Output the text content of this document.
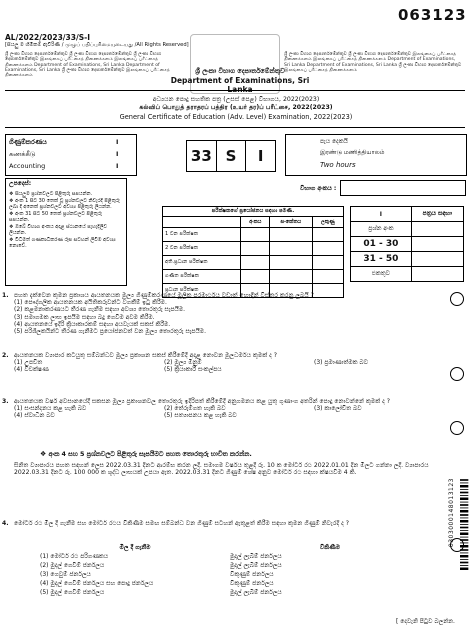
063123
AL/2022/2023/33/S-I
[සියලු ම හිමිකම් ඇවිරිණි / முழுப் பதிப்புரிமையுடையது /All Rights Reserved]
ශ්‍රී ලංකා විභාග දෙපාර්තමේන්තුව ශ්‍රී ලංකා විභාග දෙපාර්තමේන්තුව ශ්‍රී ලංකා විභාග දෙපාර්තමේන්තුව இலங்கைப் பரீட்சைத் திணைக்களம் இலங்கைப் பரீட்சைத் திணைக்களம் Department of Examinations, Sri Lanka Department of Examinations, Sri Lanka ශ්‍රී ලංකා විභාග දෙපාර්තමේන්තුව இலங்கைப் பரீட்சைத் திணைக்களம்
ශ්‍රී ලංකා විභාග දෙපාර්තමේන්තුව ශ්‍රී ලංකා විභාග දෙපාර්තමේන්තුව இலங்கைப் பரீட்சைத் திணைக்களம் இலங்கைப் பரீட்சைத் திணைக்களம் Department of Examinations, Sri Lanka Department of Examinations, Sri Lanka ශ්‍රී ලංකා විභාග දෙපාර්තමේන්තුව இலங்கைப் பரீட்சைத் திணைக்களம்
ශ්‍රී ලංකා විභාග දෙපාර්තමේන්තුව
Department of Examinations, Sri Lanka
අධ්‍යයන පොදු සහතික පත්‍ර (උසස් පෙළ) විභාගය, 2022(2023)
கல்விப் பொதுத் தராதரப் பத்திர (உயர் தர)ப் பரீட்சை, 2022(2023)
General Certificate of Education (Adv. Level) Examination, 2022(2023)
ගිණුම්කරණය
கணக்கீடு
Accounting
I
I
I
33 S	I
පැය දෙකයි
இரண்டு மணித்தியாலம்
Two hours
උපදෙස්:

❖ සියලුම ප්‍රශ්නවලට පිළිතුරු සපයන්න.

❖ අංක 1 සිට 30 තෙක් වූ ප්‍රශ්නවලට නිවැරදි පිළිතුරු ලබා දී අනෙක් ප්‍රශ්නවලට අවශ්‍ය පිළිතුරු ලියන්න.

❖ අංක 31 සිට 50 තෙක් ප්‍රශ්නවලට පිළිතුරු සපයන්න.

❖ ඔබේ විභාග අංකය අදාළ ස්ථානයේ පැහැදිලිව ලියන්න.

❖ විධිමත් ගණකාධිකරණ රූප සටහන් ලිවීම අවශ්‍ය නොවේ.

විභාග අංකය :
පරීක්ෂකගේ ප්‍රයෝජනය සඳහා පමණි.			
	අංකය	සංකේතය	ලකුණු
1 වන පරීක්ෂක			
2 වන පරීක්ෂක			
අති.ප්‍රධාන පරීක්ෂක			
ගණිත පරීක්ෂක			
ප්‍රධාන පරීක්ෂක			
I	පත්‍රය සඳහා
ප්‍රශ්න අංක	
01 - 30	
31 - 50	
එකතුව	
1. පහත දැක්වෙන කුමන ප්‍රකාශය ආයතනයක මූල්‍ය ගිණුම්කරණයේ මූලික පරමාර්ථය වඩාත් හොඳින් විස්තර කරනු ලබයි ?
(1) පෞද්ගලික ආයතනයක අයිතිකරුවන්ට වගකීම් ඉටු කිරීම.
(2) කළමනාකරණයට තීරණ ගැනීම සඳහා අවශ්‍ය තොරතුරු සැපයීම.
(3) සමාගමක ලාභ ඉපයීම සඳහා බදු ගෙවීම අවම කිරීම.
(4) ආයතනයේ ඉදිරි ක්‍රියාකාරකම් සඳහා අයවැයක් සකස් කිරීම.
(5) පරිශීලකයින්ට තීරණ ගැනීමට ප්‍රයෝජනවත් වන මූල්‍ය තොරතුරු සැපයීම.
2. ආයතනයක ව්‍යාපාර කටයුතු සම්බන්ධව මූල්‍ය ප්‍රකාශන සකස් කිරීමේදී අදාළ නොවන මූලධර්මය කුමක් ද ?
(1) උපචිත	(2) මූල්‍ය මිනුම්	(3) ප්‍රමාණාත්මක බව
(4) විචක්ෂණ	(5) ක්‍රියාකාරී සංකල්පය
3. ආයතනයක වර්ෂ අවසානයේදී සකසන මූල්‍ය ප්‍රකාශනවල තොරතුරු ඉදිරිපත් කිරීමේදී අනුගමනය කළ යුතු ගුණාංග අතරින් පොදු නොවන්නේ කුමක් ද ?
(1) සංසන්දනය කළ හැකි බව	(2) තේරුම්ගත හැකි බව	(3) කාලෝචිත බව
(4) ස්වාධීන බව	(5) සත්‍යාපනය කළ හැකි බව
❖ අංක 4 සහ 5 ප්‍රශ්නවලට පිළිතුරු සැපයීමට පහත තොරතුරු භාවිත කරන්න.
සිනිත ව්‍යාපාරය පහත සඳහන් ලෙස 2022.03.31 දිනට ආරම්භ කරන ලදී. සමාගම වර්ෂය තුළදී රු. 10 ක මෝටර් රථ 2022.01.01 දින මිලට ගන්නා ලදී. ව්‍යාපාරය 2022.03.31 දිනට රු. 100 000 ක ශුද්ධ ලාභයක් උපයා ඇත. 2022.03.31 දිනට ගිණුම් ශේෂ අනුව මෝටර් රථ සඳහා ක්ෂයවීම 4 කි.
4. මෝටර් රථ මිල දී ගැනීම සහ මෝටර් රථය විකිණීම සමඟ සම්බන්ධ වන ගිණුම් සටහන් ඇතුළත් කිරීම සඳහා කුමන ගිණුම් නිවැරදි ද ?
මිල දී ගැනීම	විකිණීම
(1) මෝටර් රථ පරිගණකය	මුදල් ලැබීම් ජර්නලය
(2) මුදල් ගෙවීම් ජර්නලය	මුදල් ලැබීම් ජර්නලය
(3) ගෙවුම් ජර්නලය	විකුණුම් ජර්නලය
(4) මුදල් ගෙවීම් ජර්නලය සහ පොදු ජර්නලය	විකුණුම් ජර්නලය
(5) මුදල් ගෙවීම් ජර්නලය	මුදල් ලැබීම් ජර්නලය
0303000148013123
[ දෙවැනි පිටුව බලන්න.
